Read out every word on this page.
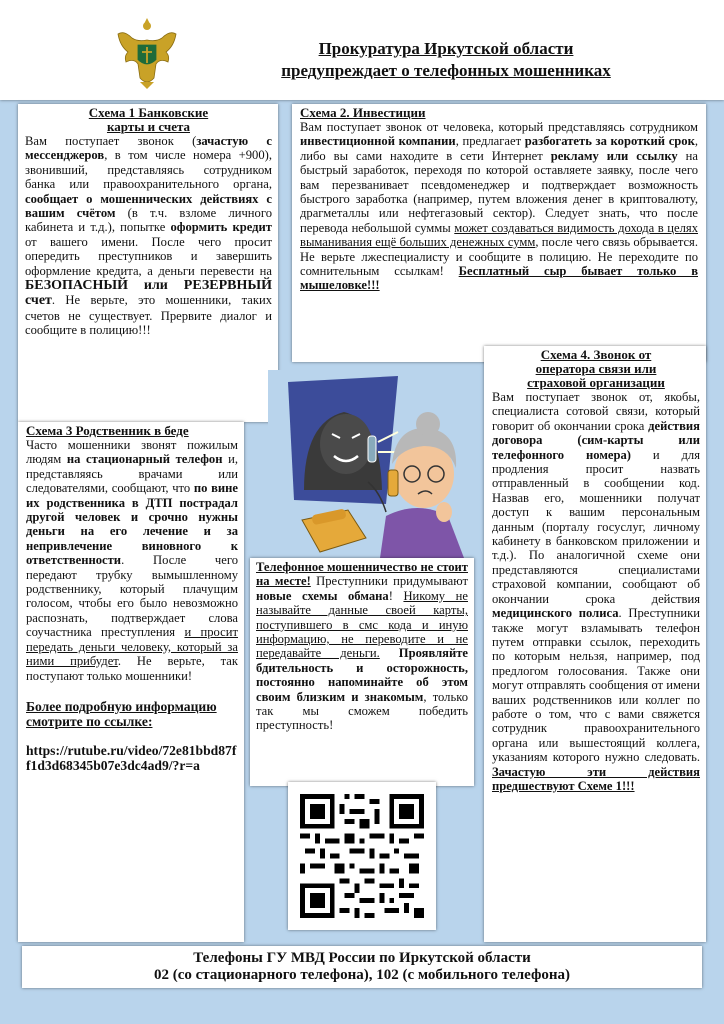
Прокуратура Иркутской области
предупреждает о телефонных мошенниках
Схема 1 Банковские
карты и счета
Вам поступает звонок (зачастую с мессенджеров, в том числе номера +900), звонивший, представляясь сотрудником банка или правоохранительного органа, сообщает о мошеннических действиях с вашим счётом (в т.ч. взломе личного кабинета и т.д.), попытке оформить кредит от вашего имени. После чего просит опередить преступников и завершить оформление кредита, а деньги перевести на БЕЗОПАСНЫЙ или РЕЗЕРВНЫЙ счет. Не верьте, это мошенники, таких счетов не существует. Прервите диалог и сообщите в полицию!!!
Схема 2. Инвестиции
Вам поступает звонок от человека, который представляясь сотрудником инвестиционной компании, предлагает разбогатеть за короткий срок, либо вы сами находите в сети Интернет рекламу или ссылку на быстрый заработок, переходя по которой оставляете заявку, после чего вам перезванивает псевдоменеджер и подтверждает возможность быстрого заработка (например, путем вложения денег в криптовалюту, драгметаллы или нефтегазовый сектор). Следует знать, что после перевода небольшой суммы может создаваться видимость дохода в целях выманивания ещё больших денежных сумм, после чего связь обрывается. Не верьте лжеспециалисту и сообщите в полицию. Не переходите по сомнительным ссылкам! Бесплатный сыр бывает только в мышеловке!!!
Схема 3 Родственник в беде
Часто мошенники звонят пожилым людям на стационарный телефон и, представляясь врачами или следователями, сообщают, что по вине их родственника в ДТП пострадал другой человек и срочно нужны деньги на его лечение и за непривлечение виновного к ответственности. После чего передают трубку вымышленному родственнику, который плачущим голосом, чтобы его было невозможно распознать, подтверждает слова соучастника преступления и просит передать деньги человеку, который за ними прибудет. Не верьте, так поступают только мошенники!
Более подробную информацию смотрите по ссылке:
https://rutube.ru/video/72e81bbd87ff1d3d68345b07e3dc4ad9/?r=a
Телефонное мошенничество не стоит на месте! Преступники придумывают новые схемы обмана! Никому не называйте данные своей карты, поступившего в смс кода и иную информацию, не переводите и не передавайте деньги. Проявляйте бдительность и осторожность, постоянно напоминайте об этом своим близким и знакомым, только так мы сможем победить преступность!
Схема 4. Звонок от
оператора связи или
страховой организации
Вам поступает звонок от, якобы, специалиста сотовой связи, который говорит об окончании срока действия договора (сим-карты или телефонного номера) и для продления просит назвать отправленный в сообщении код. Назвав его, мошенники получат доступ к вашим персональным данным (порталу госуслуг, личному кабинету в банковском приложении и т.д.). По аналогичной схеме они представляются специалистами страховой компании, сообщают об окончании срока действия медицинского полиса. Преступники также могут взламывать телефон путем отправки ссылок, переходить по которым нельзя, например, под предлогом голосования. Также они могут отправлять сообщения от имени ваших родственников или коллег по работе о том, что с вами свяжется сотрудник правоохранительного органа или вышестоящий коллега, указаниям которого нужно следовать. Зачастую эти действия предшествуют Схеме 1!!!
Телефоны ГУ МВД России по Иркутской области
02 (со стационарного телефона), 102 (с мобильного телефона)
